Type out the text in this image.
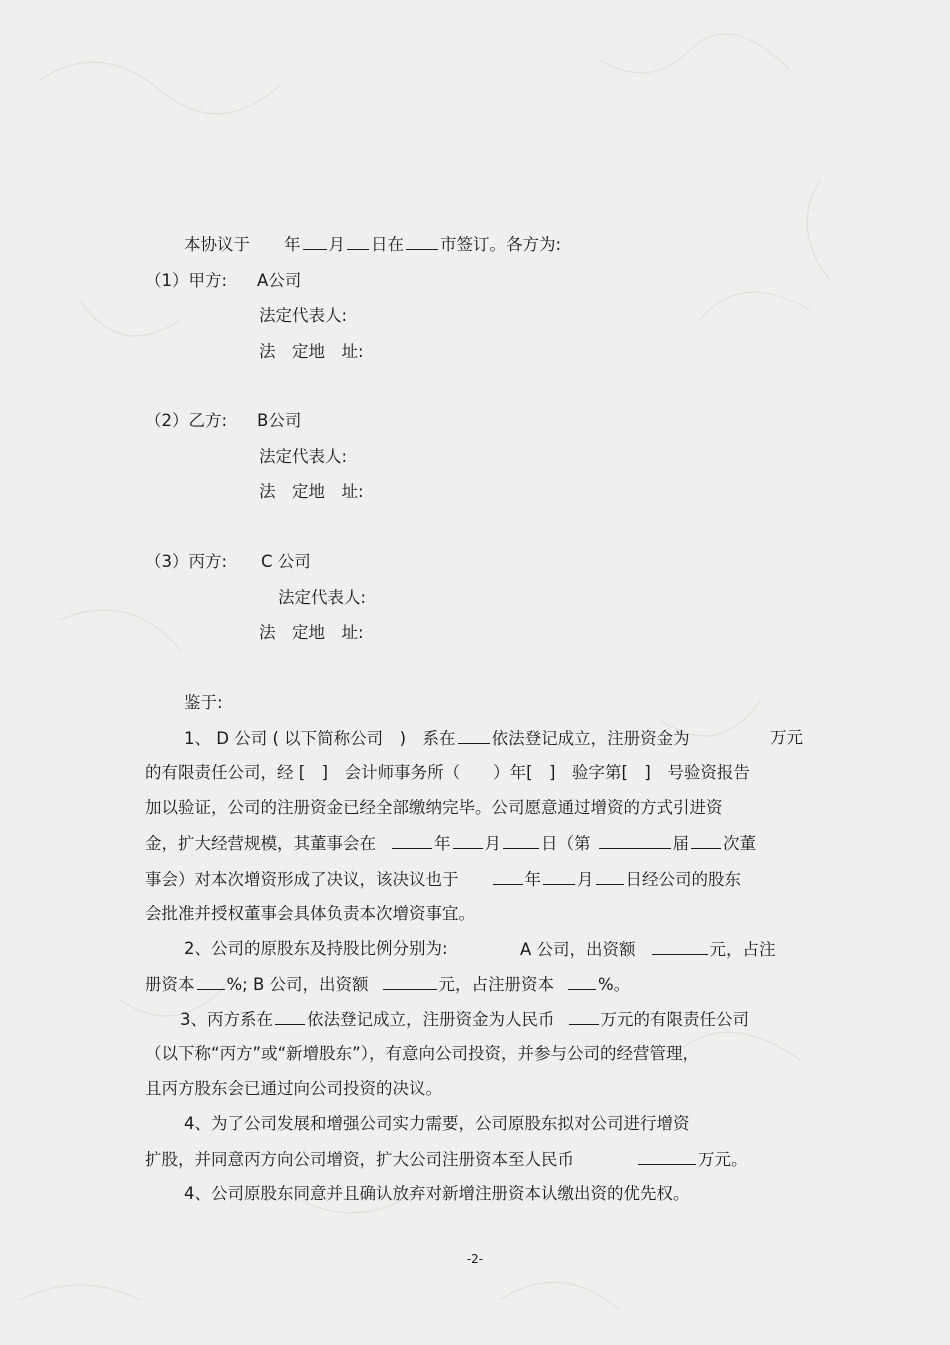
本协议于 年 月 日在 市签订。各方为:
（1）甲方: A公司
法定代表人:
法　定地　址:
（2）乙方: B公司
法定代表人:
法　定地　址:
（3）丙方: C 公司
法定代表人:
法　定地　址:
鉴于:
1、 D 公司 ( 以下简称公司　)　系在 依法登记成立，注册资金为	万元
的有限责任公司，经 [　]　会计师事务所（　　）年[　]　验字第[　]　号验资报告
加以验证，公司的注册资金已经全部缴纳完毕。公司愿意通过增资的方式引进资
金，扩大经营规模，其董事会在	年 月 日（第	届 次董
事会）对本次增资形成了决议，该决议也于	年 月 日经公司的股东
会批准并授权董事会具体负责本次增资事宜。
2、公司的原股东及持股比例分别为:	A 公司，出资额	元，占注
册资本 %; B 公司，出资额	元，占注册资本	%。
3、丙方系在 依法登记成立，注册资金为人民币	万元的有限责任公司
（以下称“丙方”或“新增股东”），有意向公司投资，并参与公司的经营管理，
且丙方股东会已通过向公司投资的决议。
4、为了公司发展和增强公司实力需要，公司原股东拟对公司进行增资
扩股，并同意丙方向公司增资，扩大公司注册资本至人民币	万元。
4、公司原股东同意并且确认放弃对新增注册资本认缴出资的优先权。
-2-
